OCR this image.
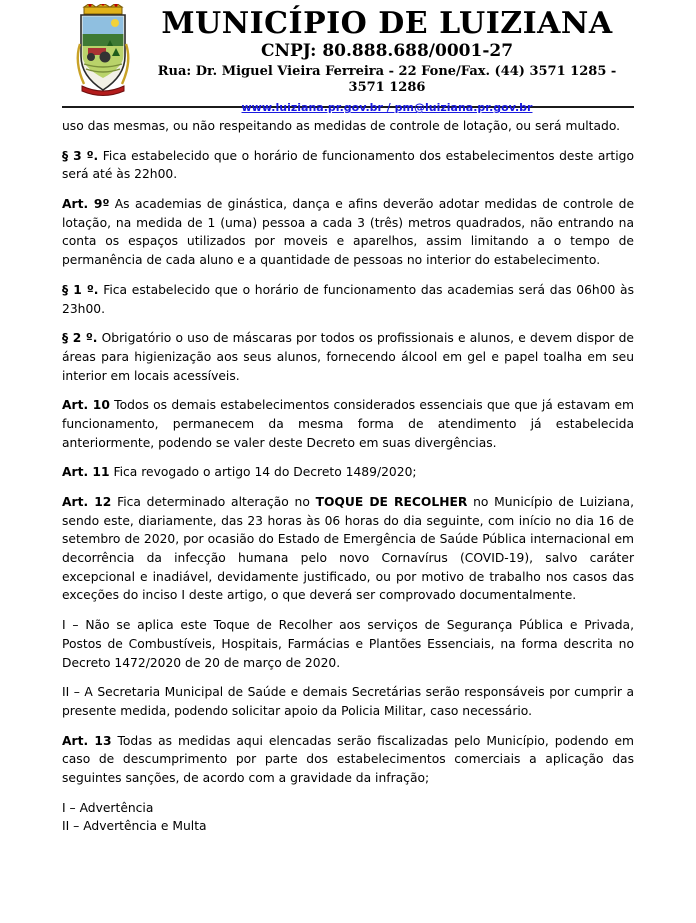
MUNICÍPIO DE LUIZIANA
CNPJ: 80.888.688/0001-27
Rua: Dr. Miguel Vieira Ferreira - 22 Fone/Fax. (44) 3571 1285 - 3571 1286
www.luiziana.pr.gov.br / pm@luiziana.pr.gov.br

uso das mesmas, ou não respeitando as medidas de controle de lotação, ou será multado.

§ 3 º. Fica estabelecido que o horário de funcionamento dos estabelecimentos deste artigo será até às 22h00.

Art. 9º As academias de ginástica, dança e afins deverão adotar medidas de controle de lotação, na medida de 1 (uma) pessoa a cada 3 (três) metros quadrados, não entrando na conta os espaços utilizados por moveis e aparelhos, assim limitando a o tempo de permanência de cada aluno e a quantidade de pessoas no interior do estabelecimento.

§ 1 º. Fica estabelecido que o horário de funcionamento das academias será das 06h00 às 23h00.

§ 2 º. Obrigatório o uso de máscaras por todos os profissionais e alunos, e devem dispor de áreas para higienização aos seus alunos, fornecendo álcool em gel e papel toalha em seu interior em locais acessíveis.

Art. 10 Todos os demais estabelecimentos considerados essenciais que que já estavam em funcionamento, permanecem da mesma forma de atendimento já estabelecida anteriormente, podendo se valer deste Decreto em suas divergências.

Art. 11 Fica revogado o artigo 14 do Decreto 1489/2020;

Art. 12 Fica determinado alteração no TOQUE DE RECOLHER no Município de Luiziana, sendo este, diariamente, das 23 horas às 06 horas do dia seguinte, com início no dia 16 de setembro de 2020, por ocasião do Estado de Emergência de Saúde Pública internacional em decorrência da infecção humana pelo novo Cornavírus (COVID-19), salvo caráter excepcional e inadiável, devidamente justificado, ou por motivo de trabalho nos casos das exceções do inciso I deste artigo, o que deverá ser comprovado documentalmente.

I – Não se aplica este Toque de Recolher aos serviços de Segurança Pública e Privada, Postos de Combustíveis, Hospitais, Farmácias e Plantões Essenciais, na forma descrita no Decreto 1472/2020 de 20 de março de 2020.

II – A Secretaria Municipal de Saúde e demais Secretárias serão responsáveis por cumprir a presente medida, podendo solicitar apoio da Policia Militar, caso necessário.

Art. 13 Todas as medidas aqui elencadas serão fiscalizadas pelo Município, podendo em caso de descumprimento por parte dos estabelecimentos comerciais a aplicação das seguintes sanções, de acordo com a gravidade da infração;

I – Advertência

II – Advertência e Multa
